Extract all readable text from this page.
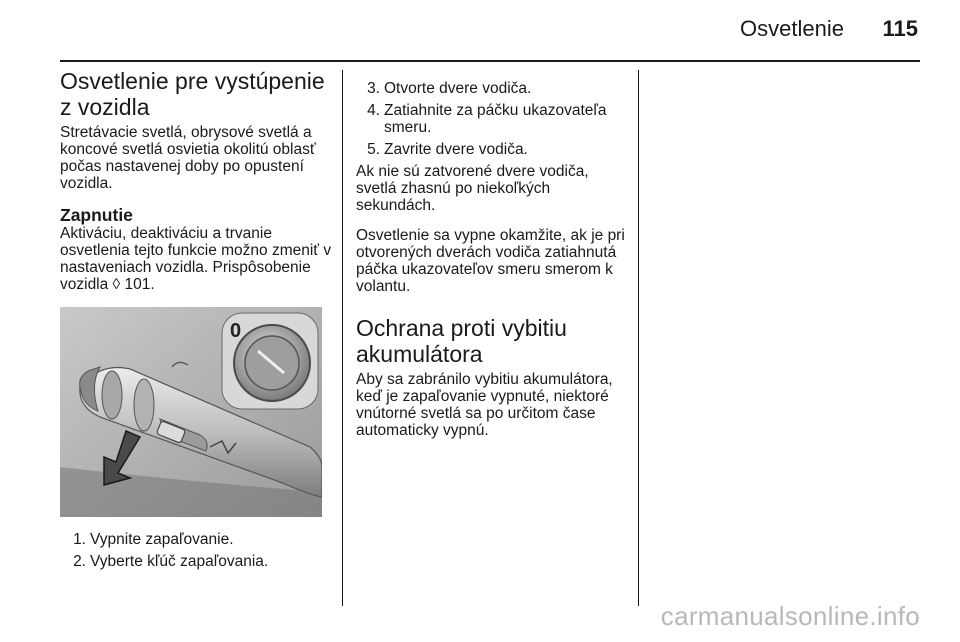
Osvetlenie 115
Osvetlenie pre vystúpenie z vozidla

Stretávacie svetlá, obrysové svetlá a koncové svetlá osvietia okolitú oblasť počas nastavenej doby po opustení vozidla.

Zapnutie

Aktiváciu, deaktiváciu a trvanie osvetlenia tejto funkcie možno zmeniť v nastaveniach vozidla. Prispôsobenie vozidla ◊ 101.

0
1. Vypnite zapaľovanie.
2. Vyberte kľúč zapaľovania.
3. Otvorte dvere vodiča.
4. Zatiahnite za páčku ukazovateľa smeru.
5. Zavrite dvere vodiča.

Ak nie sú zatvorené dvere vodiča, svetlá zhasnú po niekoľkých sekundách.

Osvetlenie sa vypne okamžite, ak je pri otvorených dverách vodiča zatiahnutá páčka ukazovateľov smeru smerom k volantu.

Ochrana proti vybitiu akumulátora

Aby sa zabránilo vybitiu akumulátora, keď je zapaľovanie vypnuté, niektoré vnútorné svetlá sa po určitom čase automaticky vypnú.

carmanualsonline.info
